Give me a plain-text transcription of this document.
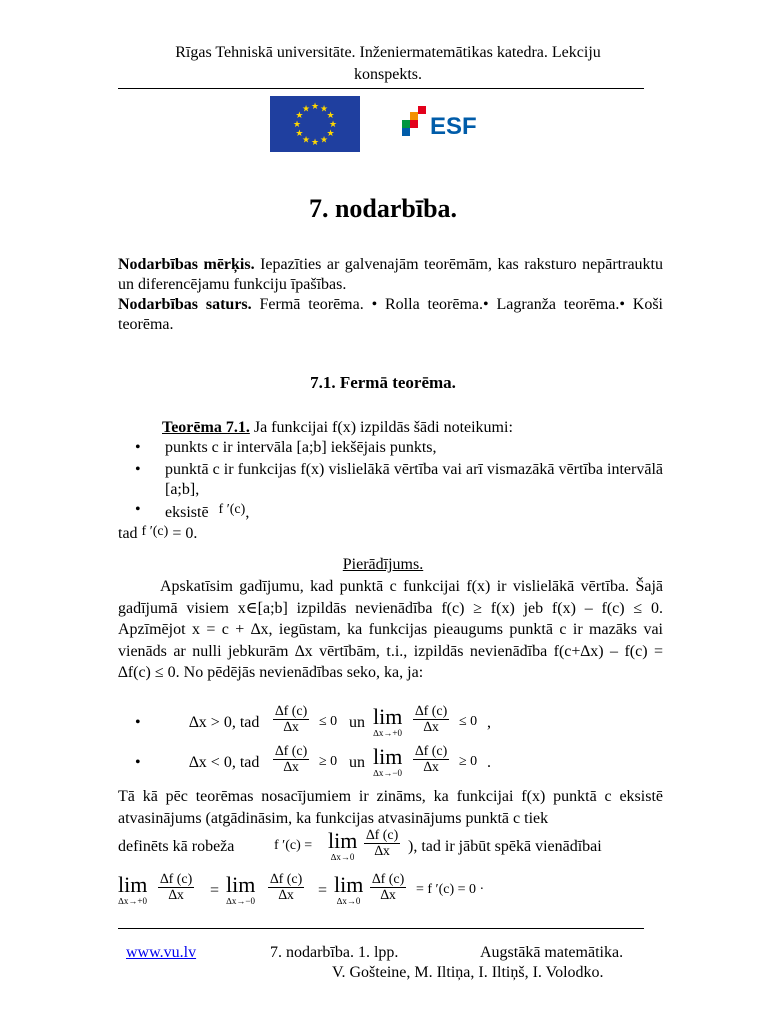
Rīgas Tehniskā universitāte. Inženiermatemātikas katedra. Lekciju
konspekts.
★ ★
★
★
★
★
★
★
★
★
★
★
ESF
7. nodarbība.
Nodarbības mērķis. Iepazīties ar galvenajām teorēmām, kas raksturo nepārtrauktu un diferencējamu funkciju īpašības.
Nodarbības saturs. Fermā teorēma. • Rolla teorēma.• Lagranža teorēma.• Koši teorēma.
7.1. Fermā teorēma.
Teorēma 7.1. Ja funkcijai f(x) izpildās šādi noteikumi:
• punkts c ir intervāla [a;b] iekšējais punkts,
• punktā c ir funkcijas f(x) vislielākā vērtība vai arī vismazākā vērtība intervālā [a;b],
• eksistē f ′(c),
tad f ′(c) = 0.
Pierādījums.
Apskatīsim gadījumu, kad punktā c funkcijai f(x) ir vislielākā vērtība. Šajā gadījumā visiem x∈[a;b] izpildās nevienādība f(c) ≥ f(x) jeb f(x) – f(c) ≤ 0. Apzīmējot x = c + ∆x, iegūstam, ka funkcijas pieaugums punktā c ir mazāks vai vienāds ar nulli jebkurām ∆x vērtībām, t.i., izpildās nevienādība f(c+∆x) – f(c) = ∆f(c) ≤ 0. No pēdējās nevienādības seko, ka, ja:
•	∆x > 0, tad $\frac{\Delta f (c)}{\Delta x} \le 0$ un lim
$\Delta x\to+0 \frac{\Delta f (c)}{\Delta x} \le 0$ ,
•	∆x < 0, tad $\frac{\Delta f (c)}{\Delta x} \ge 0$ un lim
$\Delta x\to-0 \frac{\Delta f (c)}{\Delta x} \ge 0$ .
Tā kā pēc teorēmas nosacījumiem ir zināms, ka funkcijai f(x) punktā c eksistē atvasinājums (atgādināsim, ka funkcijas atvasinājums punktā c tiek
definēts kā robeža	f ′(c) = lim
$\Delta x\to 0 \frac{\Delta f (c)}{\Delta x}$ ), tad ir jābūt spēkā vienādībai
lim
$\Delta x\to+0 \frac{\Delta f (c)}{\Delta x} = \lim$
$\Delta x\to-0 \frac{\Delta f (c)}{\Delta x} = \lim$
$\Delta x\to 0 \frac{\Delta f (c)}{\Delta x} = f$ ′(c) = 0 ·
www.vu.lv	7. nodarbība. 1. lpp.	Augstākā matemātika.
V. Gošteine, M. Iltiņa, I. Iltiņš, I. Volodko.
